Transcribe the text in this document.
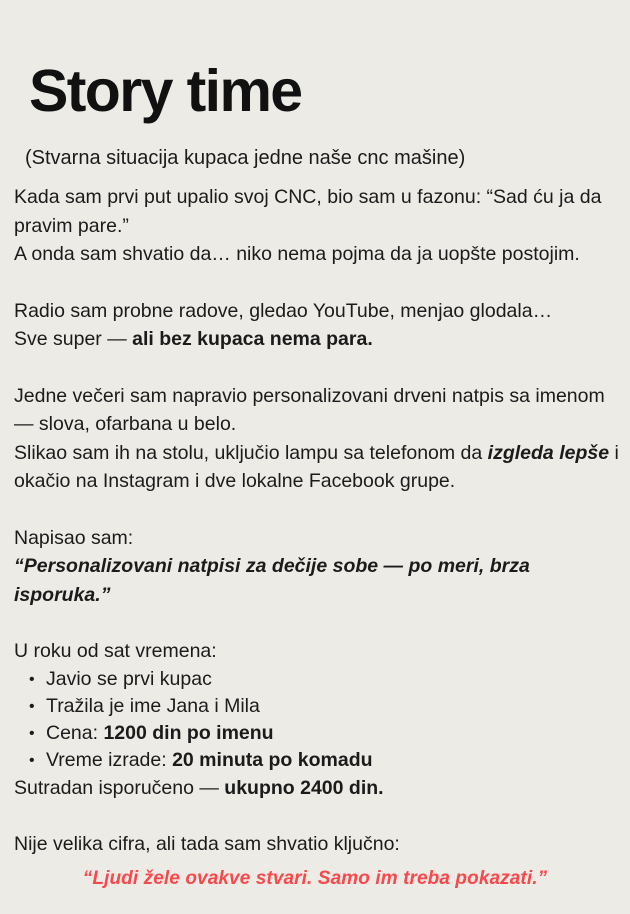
Story time
(Stvarna situacija kupaca jedne naše cnc mašine)

Kada sam prvi put upalio svoj CNC, bio sam u fazonu: “Sad ću ja da pravim pare.”
A onda sam shvatio da… niko nema pojma da ja uopšte postojim.

Radio sam probne radove, gledao YouTube, menjao glodala…
Sve super — ali bez kupaca nema para.

Jedne večeri sam napravio personalizovani drveni natpis sa imenom — slova, ofarbana u belo.
Slikao sam ih na stolu, uključio lampu sa telefonom da izgleda lepše i okačio na Instagram i dve lokalne Facebook grupe.

Napisao sam:
“Personalizovani natpisi za dečije sobe — po meri, brza isporuka.”

U roku od sat vremena:
• Javio se prvi kupac
• Tražila je ime Jana i Mila
• Cena: 1200 din po imenu
• Vreme izrade: 20 minuta po komadu
Sutradan isporučeno — ukupno 2400 din.

Nije velika cifra, ali tada sam shvatio ključno:

“Ljudi žele ovakve stvari. Samo im treba pokazati.”
